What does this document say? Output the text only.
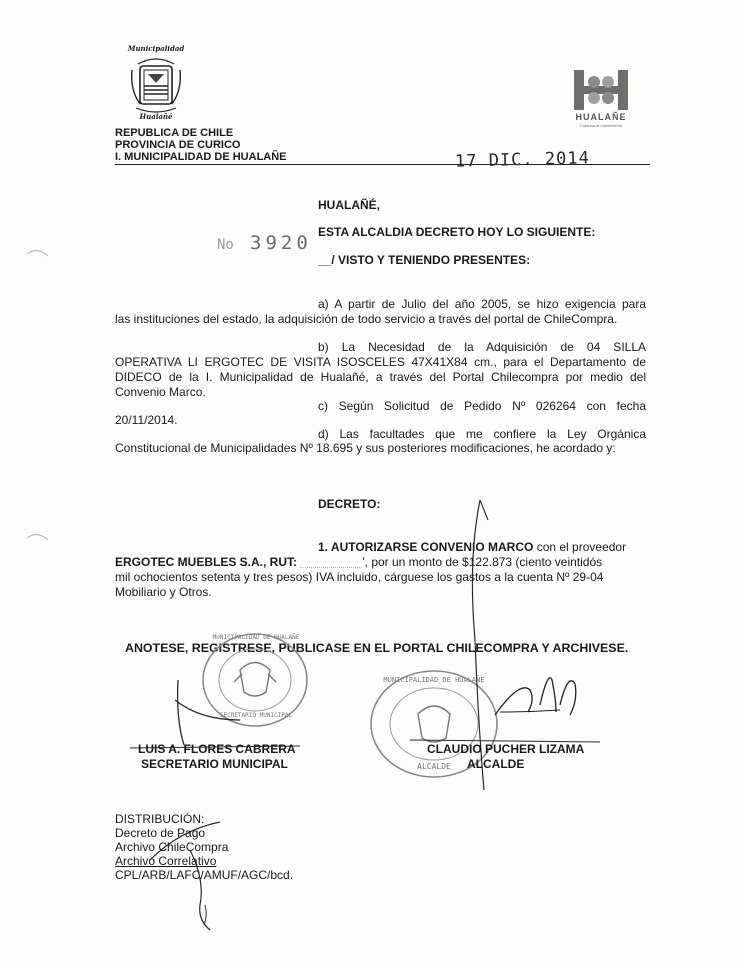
Municipalidad
Hualañé
REPUBLICA DE CHILE
PROVINCIA DE CURICO
I. MUNICIPALIDAD DE HUALAÑE	17 DIC. 2014
HUALAÑE
Comuna en movimiento
No 3920
HUALAÑÉ,
ESTA ALCALDIA DECRETO HOY LO SIGUIENTE:
__/ VISTO Y TENIENDO PRESENTES:
a) A partir de Julio del año 2005, se hizo exigencia para
las instituciones del estado, la adquisición de todo servicio a través del portal de ChileCompra.
b) La Necesidad de la Adquisición de 04 SILLA
OPERATIVA LI ERGOTEC DE VISITA ISOSCELES 47X41X84 cm., para el Departamento de
DIDECO de la I. Municipalidad de Hualañé, a través del Portal Chilecompra por medio del
Convenio Marco.
c) Según Solicitud de Pedido Nº 026264 con fecha
20/11/2014.
d) Las facultades que me confiere la Ley Orgánica
Constitucional de Municipalidades Nº 18.695 y sus posteriores modificaciones, he acordado y:
DECRETO:
1. AUTORIZARSE CONVENIO MARCO con el proveedor
ERGOTEC MUEBLES S.A., RUT:	', por un monto de $122.873 (ciento veintidós
mil ochocientos setenta y tres pesos) IVA incluido, cárguese los gastos a la cuenta Nº 29-04
Mobiliario y Otros.
ANOTESE, REGISTRESE, PUBLICASE EN EL PORTAL CHILECOMPRA Y ARCHIVESE.
MUNICIPALIDAD DE HUALAÑE
SECRETARIO MUNICIPAL
MUNICIPALIDAD DE HUALAÑE
ALCALDE
LUIS A. FLORES CABRERA
SECRETARIO MUNICIPAL
CLAUDIO PUCHER LIZAMA
ALCALDE
DISTRIBUCIÓN:
Decreto de Pago
Archivo ChileCompra
Archivo Correlativo
CPL/ARB/LAFC/AMUF/AGC/bcd.
